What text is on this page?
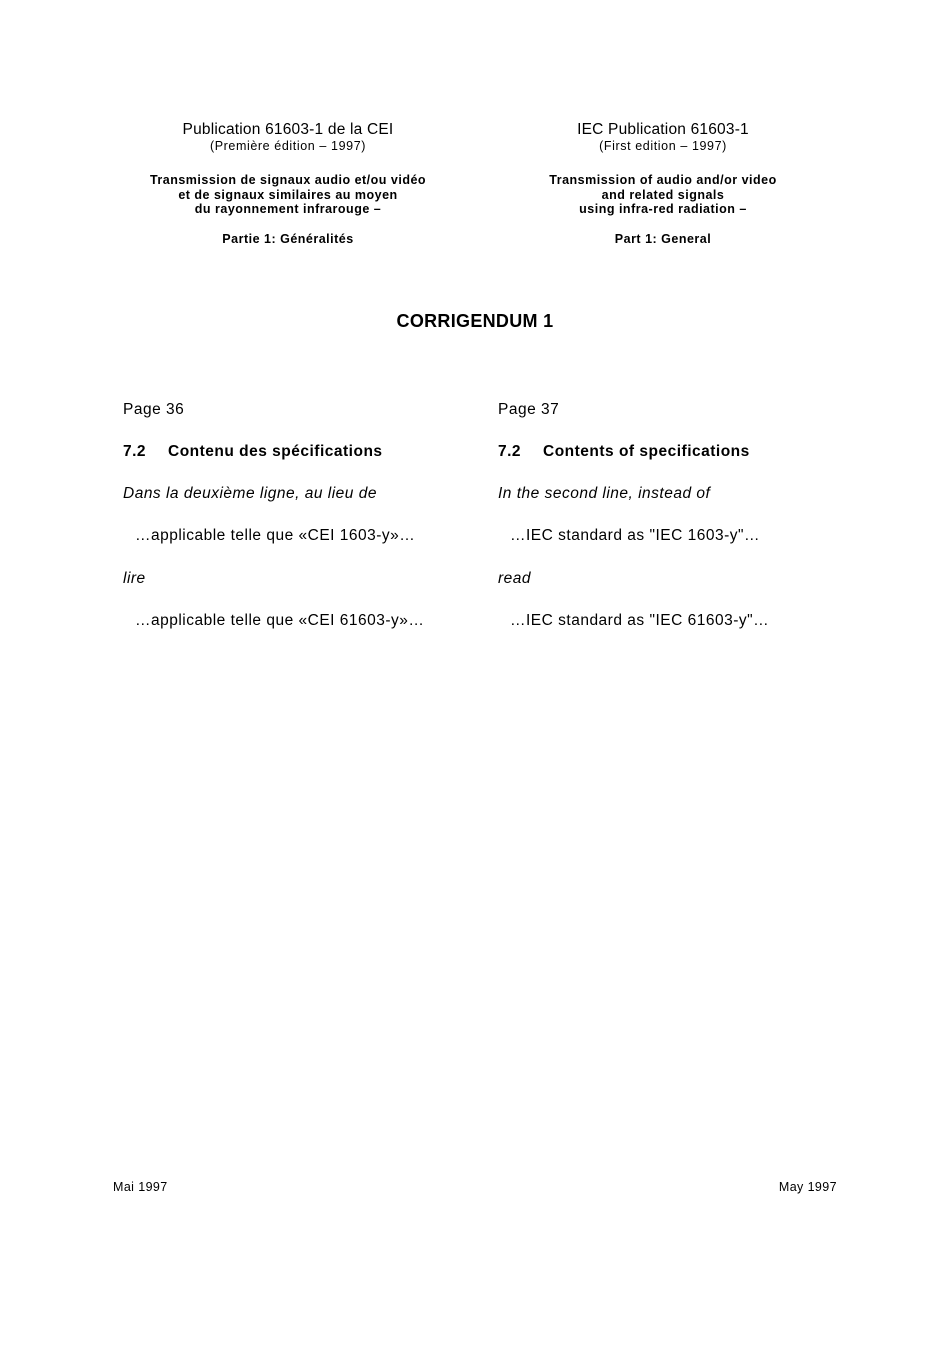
Publication 61603-1 de la CEI
(Première édition – 1997)
Transmission de signaux audio et/ou vidéo
et de signaux similaires au moyen
du rayonnement infrarouge –
Partie 1: Généralités
IEC Publication 61603-1
(First edition – 1997)
Transmission of audio and/or video
and related signals
using infra-red radiation –
Part 1: General
CORRIGENDUM 1
Page 36
7.2 Contenu des spécifications
Dans la deuxième ligne, au lieu de
…applicable telle que «CEI 1603-y»…
lire
…applicable telle que «CEI 61603-y»…
Page 37
7.2 Contents of specifications
In the second line, instead of
…IEC standard as "IEC 1603-y"…
read
…IEC standard as "IEC 61603-y"…
Mai 1997	May 1997
